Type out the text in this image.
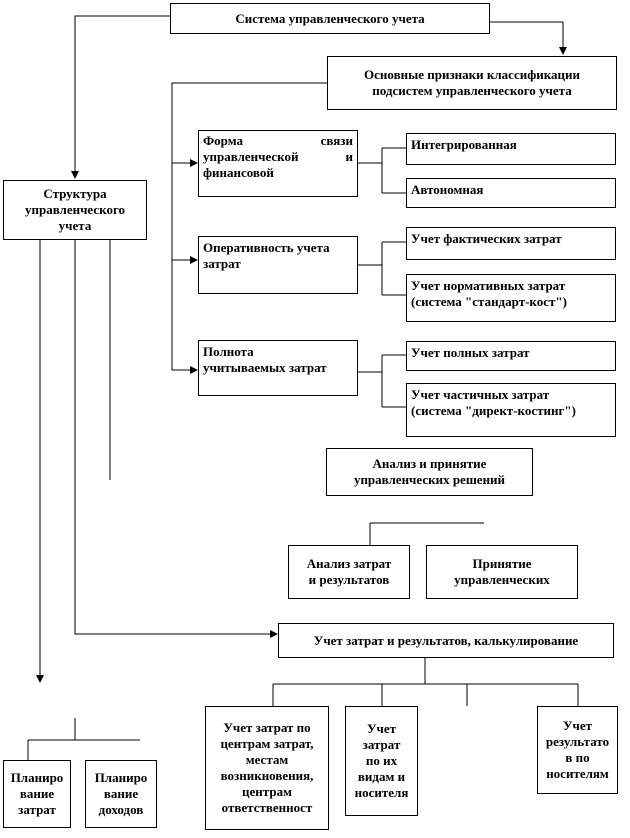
Система управленческого учета
Основные признаки классификации
подсистем управленческого учета
Структура
управленческого
учета
Форма связи управленческой и финансовой
Интегрированная
Автономная
Оперативность учета
затрат
Учет фактических затрат
Учет нормативных затрат
(система "стандарт-кост")
Полнота
учитываемых затрат
Учет полных затрат
Учет частичных затрат
(система "директ-костинг")
Анализ и принятие
управленческих решений
Анализ затрат
и результатов
Принятие
управленческих
Учет затрат и результатов, калькулирование
Учет затрат по
центрам затрат,
местам
возникновения,
центрам
ответственност
Учет
затрат
по их
видам и
носителя
Учет
результато
в по
носителям
Планиро
вание
затрат
Планиро
вание
доходов
